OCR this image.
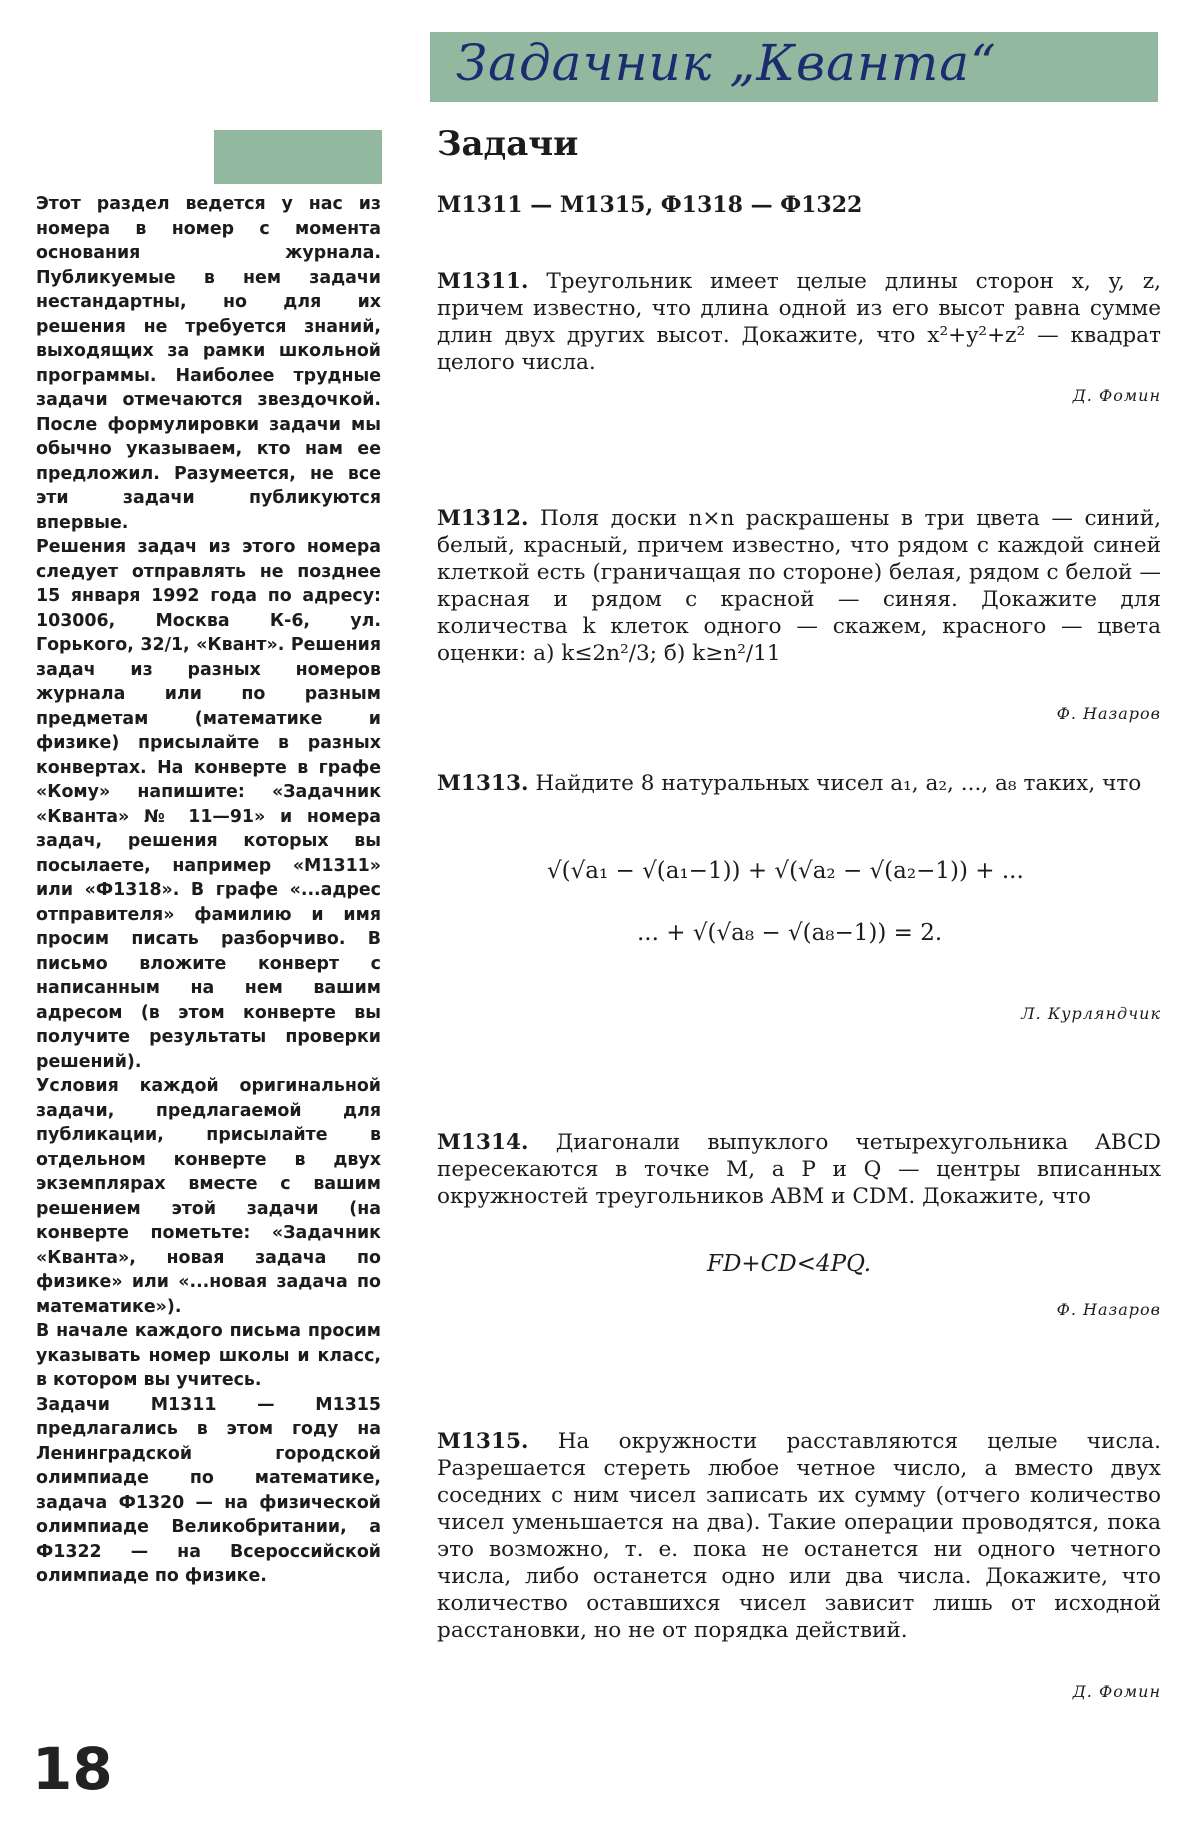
Задачник „Кванта“

Этот раздел ведется у нас из номера в номер с момента основания журнала. Публикуемые в нем задачи нестандартны, но для их решения не требуется знаний, выходящих за рамки школьной программы. Наиболее трудные задачи отмечаются звездочкой. После формулировки задачи мы обычно указываем, кто нам ее предложил. Разумеется, не все эти задачи публикуются впервые.

Решения задач из этого номера следует отправлять не позднее 15 января 1992 года по адресу: 103006, Москва К-6, ул. Горького, 32/1, «Квант». Решения задач из разных номеров журнала или по разным предметам (математике и физике) присылайте в разных конвертах. На конверте в графе «Кому» напишите: «Задачник «Кванта» № 11—91» и номера задач, решения которых вы посылаете, например «М1311» или «Ф1318». В графе «...адрес отправителя» фамилию и имя просим писать разборчиво. В письмо вложите конверт с написанным на нем вашим адресом (в этом конверте вы получите результаты проверки решений).

Условия каждой оригинальной задачи, предлагаемой для публикации, присылайте в отдельном конверте в двух экземплярах вместе с вашим решением этой задачи (на конверте пометьте: «Задачник «Кванта», новая задача по физике» или «...новая задача по математике»).

В начале каждого письма просим указывать номер школы и класс, в котором вы учитесь.

Задачи М1311 — М1315 предлагались в этом году на Ленинградской городской олимпиаде по математике, задача Ф1320 — на физической олимпиаде Великобритании, а Ф1322 — на Всероссийской олимпиаде по физике.

18
Задачи
М1311 — М1315, Ф1318 — Ф1322
М1311. Треугольник имеет целые длины сторон x, y, z, причем известно, что длина одной из его высот равна сумме длин двух других высот. Докажите, что x²+y²+z² — квадрат целого числа.
Д. Фомин
М1312. Поля доски n×n раскрашены в три цвета — синий, белый, красный, причем известно, что рядом с каждой синей клеткой есть (граничащая по стороне) белая, рядом с белой — красная и рядом с красной — синяя. Докажите для количества k клеток одного — скажем, красного — цвета оценки: а) k≤2n²/3; б) k≥n²/11
Ф. Назаров
М1313. Найдите 8 натуральных чисел a₁, a₂, ..., a₈ таких, что
√(√a₁ − √(a₁−1)) + √(√a₂ − √(a₂−1)) + ...
... + √(√a₈ − √(a₈−1)) = 2.
Л. Курляндчик
М1314. Диагонали выпуклого четырехугольника ABCD пересекаются в точке M, а P и Q — центры вписанных окружностей треугольников ABM и CDM. Докажите, что
FD+CD<4PQ.
Ф. Назаров
М1315. На окружности расставляются целые числа. Разрешается стереть любое четное число, а вместо двух соседних с ним чисел записать их сумму (отчего количество чисел уменьшается на два). Такие операции проводятся, пока это возможно, т. е. пока не останется ни одного четного числа, либо останется одно или два числа. Докажите, что количество оставшихся чисел зависит лишь от исходной расстановки, но не от порядка действий.
Д. Фомин
